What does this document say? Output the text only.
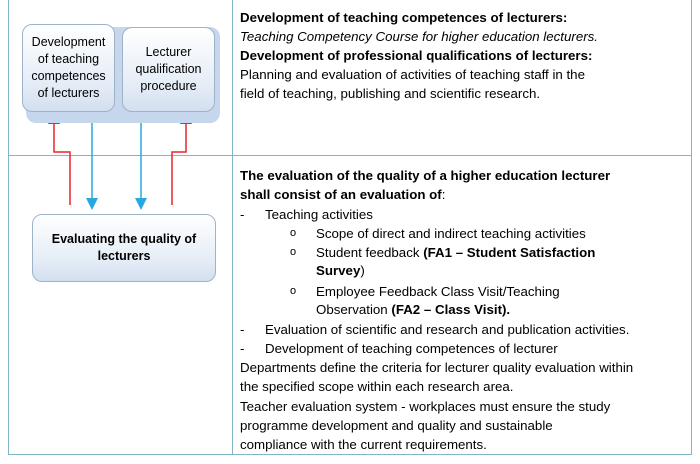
Development of teaching competences of lecturers
Lecturer qualification procedure
Evaluating the quality of lecturers
Development of teaching competences of lecturers:
Teaching Competency Course for higher education lecturers.
Development of professional qualifications of lecturers:
Planning and evaluation of activities of teaching staff in the
field of teaching, publishing and scientific research.
The evaluation of the quality of a higher education lecturer
shall consist of an evaluation of:
- Teaching activities
o Scope of direct and indirect teaching activities
o Student feedback (FA1 – Student Satisfaction
Survey)
o Employee Feedback Class Visit/Teaching
Observation (FA2 – Class Visit).
- Evaluation of scientific and research and publication activities.
- Development of teaching competences of lecturer
Departments define the criteria for lecturer quality evaluation within
the specified scope within each research area.
Teacher evaluation system - workplaces must ensure the study
programme development and quality and sustainable
compliance with the current requirements.
